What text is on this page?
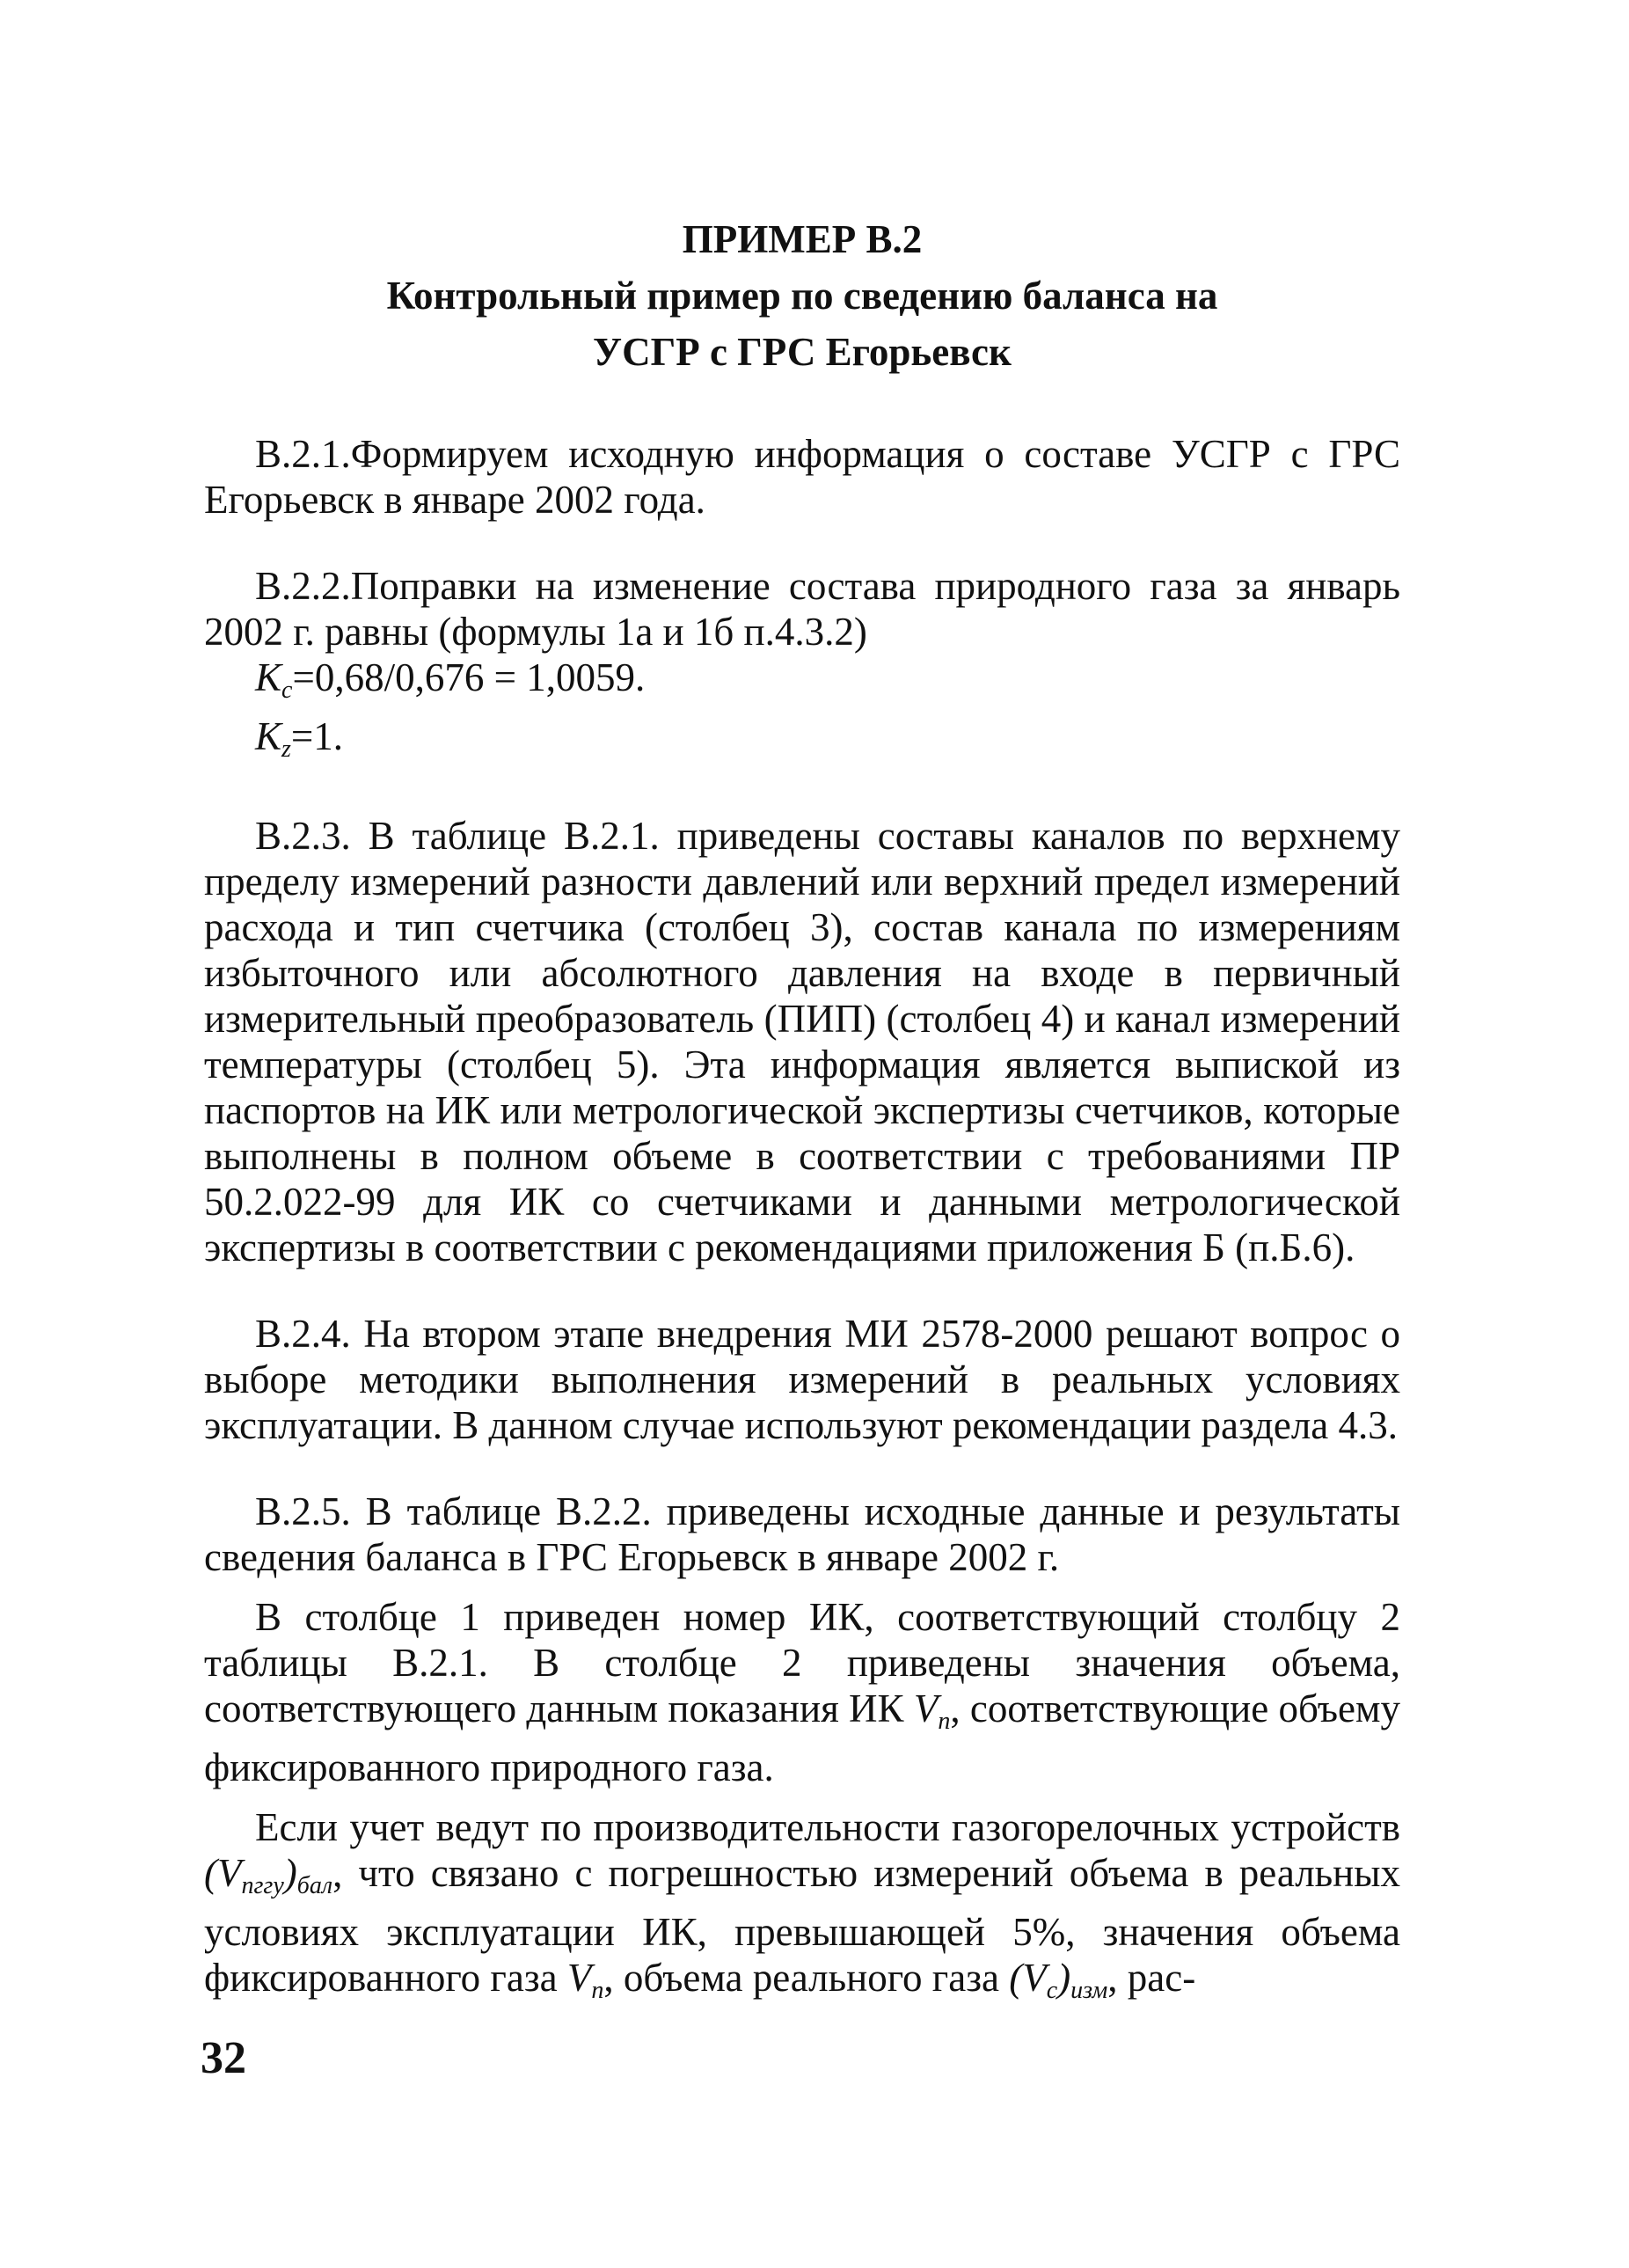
ПРИМЕР В.2
Контрольный пример по сведению баланса на
УСГР с ГРС Егорьевск

В.2.1.Формируем исходную информация о составе УСГР с ГРС Егорьевск в январе 2002 года.

В.2.2.Поправки на изменение состава природного газа за январь 2002 г. равны (формулы 1а и 1б п.4.3.2)

$K_c=0,68/0,676 = 1,0059$.
$K_z=1$.

В.2.3. В таблице В.2.1. приведены составы каналов по верхнему пределу измерений разности давлений или верхний предел измерений расхода и тип счетчика (столбец 3), состав канала по измерениям избыточного или абсолютного давления на входе в первичный измерительный преобразователь (ПИП) (столбец 4) и канал измерений температуры (столбец 5). Эта информация является выпиской из паспортов на ИК или метрологической экспертизы счетчиков, которые выполнены в полном объеме в соответствии с требованиями ПР 50.2.022-99 для ИК со счетчиками и данными метрологической экспертизы в соответствии с рекомендациями приложения Б (п.Б.6).

В.2.4. На втором этапе внедрения МИ 2578-2000 решают вопрос о выборе методики выполнения измерений в реальных условиях эксплуатации. В данном случае используют рекомендации раздела 4.3.

В.2.5. В таблице В.2.2. приведены исходные данные и результаты сведения баланса в ГРС Егорьевск в январе 2002 г.

В столбце 1 приведен номер ИК, соответствующий столбцу 2 таблицы В.2.1. В столбце 2 приведены значения объема, соответствующего данным показания ИК $V_n$, соответствующие объему фиксированного природного газа.

Если учет ведут по производительности газогорелочных устройств $(V_{nггу})_{бал}$, что связано с погрешностью измерений объема в реальных условиях эксплуатации ИК, превышающей 5%, значения объема фиксированного газа $V_n$, объема реального газа $(V_c)_{изм}$, рас-

32
